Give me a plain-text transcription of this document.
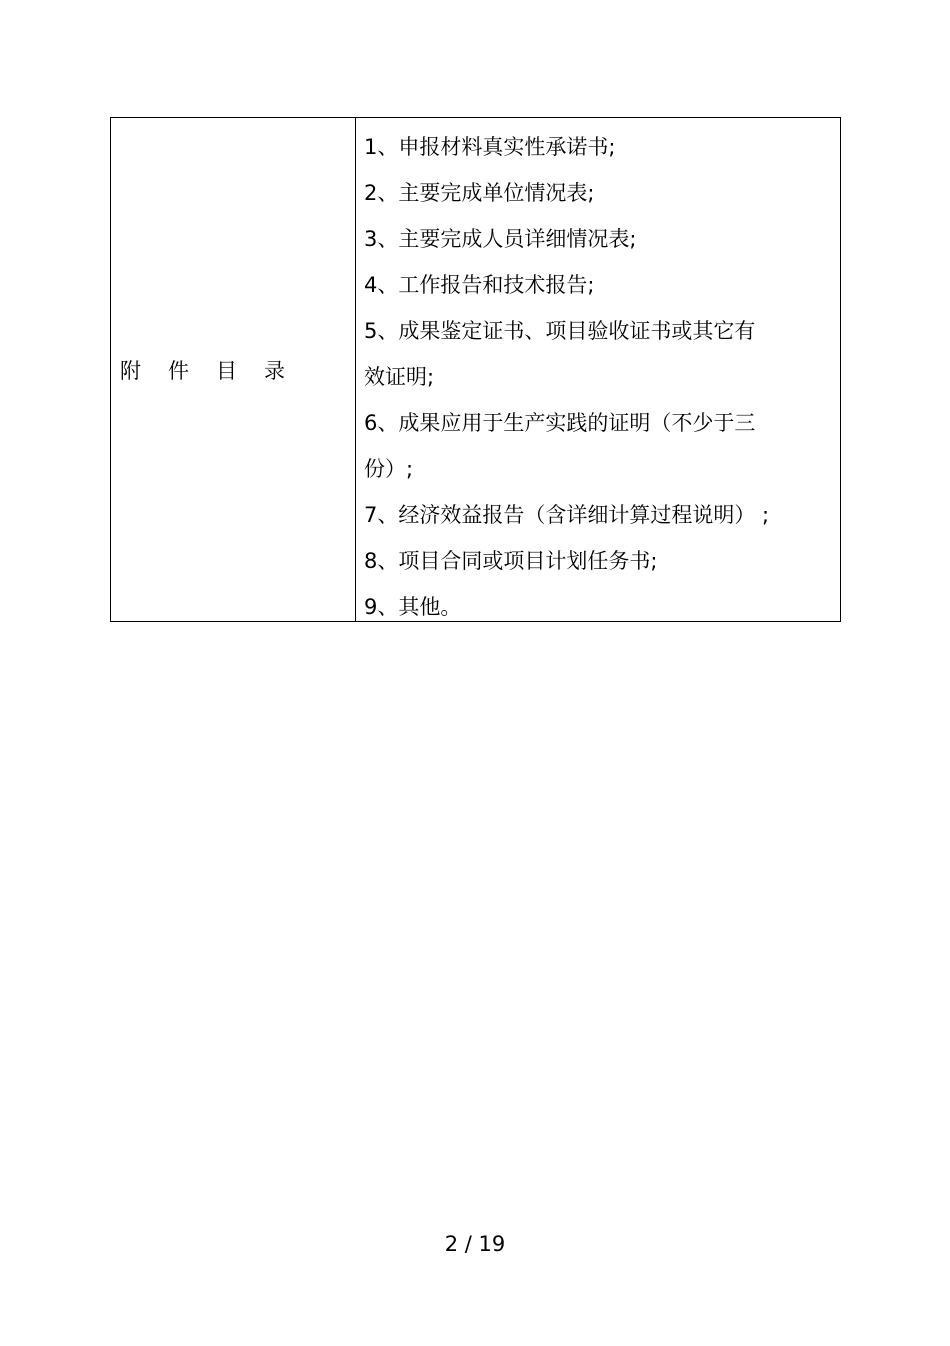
附件目录
1、申报材料真实性承诺书;
2、主要完成单位情况表;
3、主要完成人员详细情况表;
4、工作报告和技术报告;
5、成果鉴定证书、项目验收证书或其它有
效证明;
6、成果应用于生产实践的证明（不少于三
份）;
7、经济效益报告（含详细计算过程说明） ;
8、项目合同或项目计划任务书;
9、其他。
2 / 19
